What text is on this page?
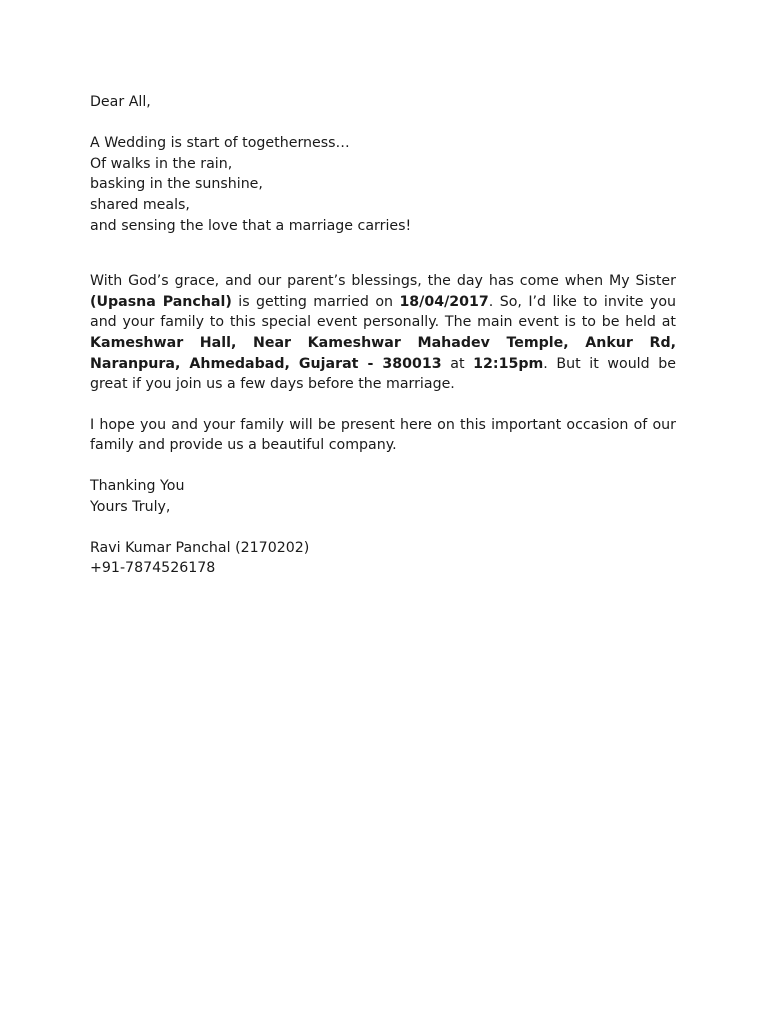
Dear All,
A Wedding is start of togetherness…
Of walks in the rain,
basking in the sunshine,
shared meals,
and sensing the love that a marriage carries!
With God’s grace, and our parent’s blessings, the day has come when My Sister (Upasna Panchal) is getting married on 18/04/2017. So, I’d like to invite you and your family to this special event personally. The main event is to be held at Kameshwar Hall, Near Kameshwar Mahadev Temple, Ankur Rd, Naranpura, Ahmedabad, Gujarat - 380013 at 12:15pm. But it would be great if you join us a few days before the marriage.
I hope you and your family will be present here on this important occasion of our family and provide us a beautiful company.
Thanking You
Yours Truly,
Ravi Kumar Panchal (2170202)
+91-7874526178
